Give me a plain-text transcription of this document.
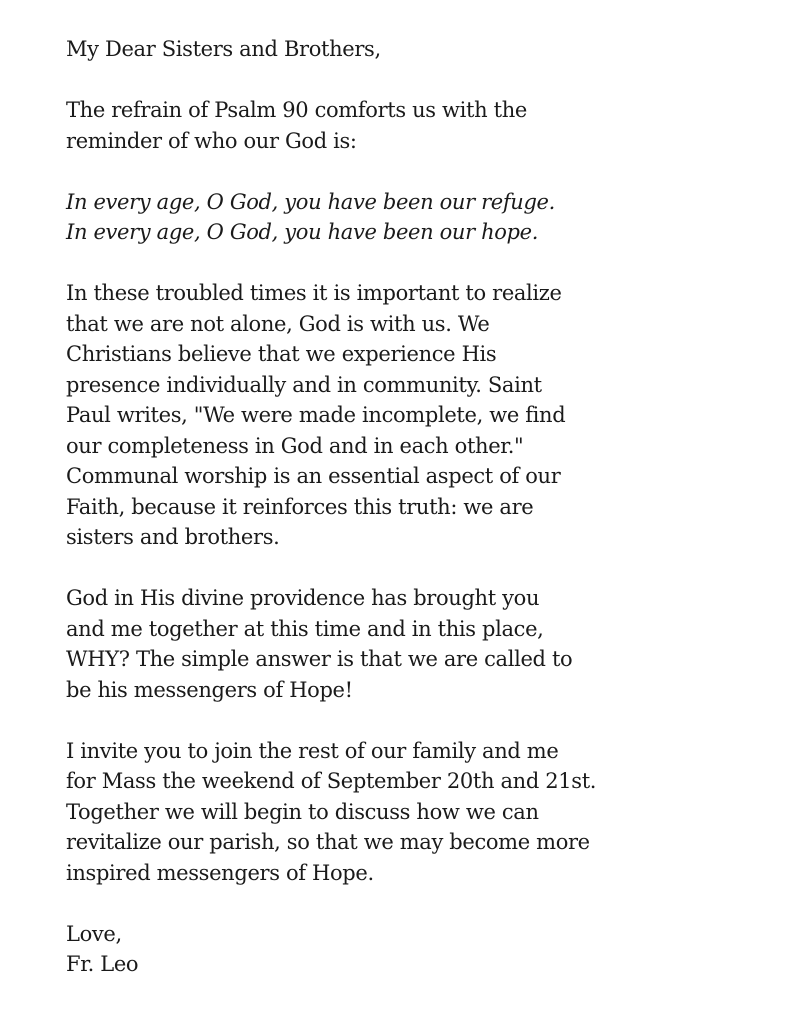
My Dear Sisters and Brothers,

The refrain of Psalm 90 comforts us with the
reminder of who our God is:

In every age, O God, you have been our refuge.
In every age, O God, you have been our hope.

In these troubled times it is important to realize
that we are not alone, God is with us. We
Christians believe that we experience His
presence individually and in community. Saint
Paul writes, "We were made incomplete, we find
our completeness in God and in each other."
Communal worship is an essential aspect of our
Faith, because it reinforces this truth: we are
sisters and brothers.

God in His divine providence has brought you
and me together at this time and in this place,
WHY? The simple answer is that we are called to
be his messengers of Hope!

I invite you to join the rest of our family and me
for Mass the weekend of September 20th and 21st.
Together we will begin to discuss how we can
revitalize our parish, so that we may become more
inspired messengers of Hope.

Love,

Fr. Leo
